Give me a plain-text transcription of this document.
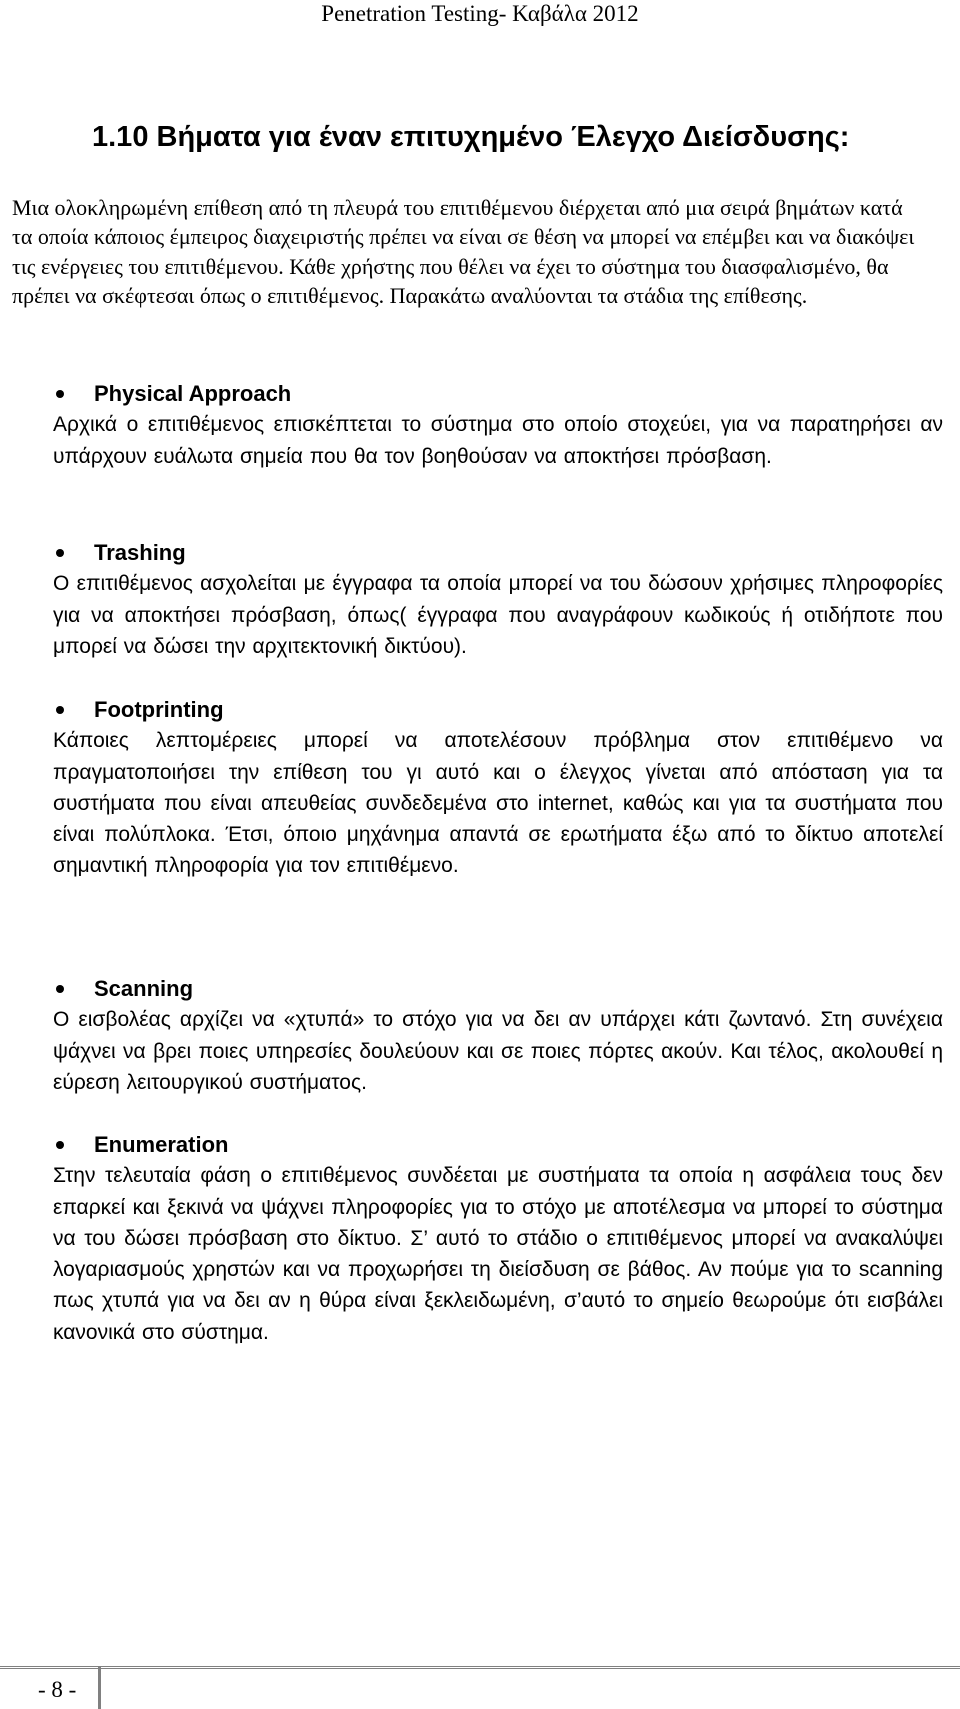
Penetration Testing- Καβάλα 2012
1.10 Βήματα για έναν επιτυχημένο Έλεγχο Διείσδυσης:

Μια ολοκληρωμένη επίθεση από τη πλευρά του επιτιθέμενου διέρχεται από μια σειρά βημάτων κατά τα οποία κάποιος έμπειρος διαχειριστής πρέπει να είναι σε θέση να μπορεί να επέμβει και να διακόψει τις ενέργειες του επιτιθέμενου. Κάθε χρήστης που θέλει να έχει το σύστημα του διασφαλισμένο, θα πρέπει να σκέφτεσαι όπως ο επιτιθέμενος. Παρακάτω αναλύονται τα στάδια της επίθεσης.

Physical Approach

Αρχικά ο επιτιθέμενος επισκέπτεται το σύστημα στο οποίο στοχεύει, για να παρατηρήσει αν υπάρχουν ευάλωτα σημεία που θα τον βοηθούσαν να αποκτήσει πρόσβαση.

Trashing

Ο επιτιθέμενος ασχολείται με έγγραφα τα οποία μπορεί να του δώσουν χρήσιμες πληροφορίες για να αποκτήσει πρόσβαση, όπως( έγγραφα που αναγράφουν κωδικούς ή οτιδήποτε που μπορεί να δώσει την αρχιτεκτονική δικτύου).

Footprinting

Κάποιες λεπτομέρειες μπορεί να αποτελέσουν πρόβλημα στον επιτιθέμενο να πραγματοποιήσει την επίθεση του γι αυτό και ο έλεγχος γίνεται από απόσταση για τα συστήματα που είναι απευθείας συνδεδεμένα στο internet, καθώς και για τα συστήματα που είναι πολύπλοκα. Έτσι, όποιο μηχάνημα απαντά σε ερωτήματα έξω από το δίκτυο αποτελεί σημαντική πληροφορία για τον επιτιθέμενο.

Scanning

Ο εισβολέας αρχίζει να «χτυπά» το στόχο για να δει αν υπάρχει κάτι ζωντανό. Στη συνέχεια ψάχνει να βρει ποιες υπηρεσίες δουλεύουν και σε ποιες πόρτες ακούν. Και τέλος, ακολουθεί η εύρεση λειτουργικού συστήματος.

Enumeration

Στην τελευταία φάση ο επιτιθέμενος συνδέεται με συστήματα τα οποία η ασφάλεια τους δεν επαρκεί και ξεκινά να ψάχνει πληροφορίες για το στόχο με αποτέλεσμα να μπορεί το σύστημα να του δώσει πρόσβαση στο δίκτυο. Σ’ αυτό το στάδιο ο επιτιθέμενος μπορεί να ανακαλύψει λογαριασμούς χρηστών και να προχωρήσει τη διείσδυση σε βάθος. Αν πούμε για το scanning πως χτυπά για να δει αν η θύρα είναι ξεκλειδωμένη, σ’αυτό το σημείο θεωρούμε ότι εισβάλει κανονικά στο σύστημα.

- 8 -
